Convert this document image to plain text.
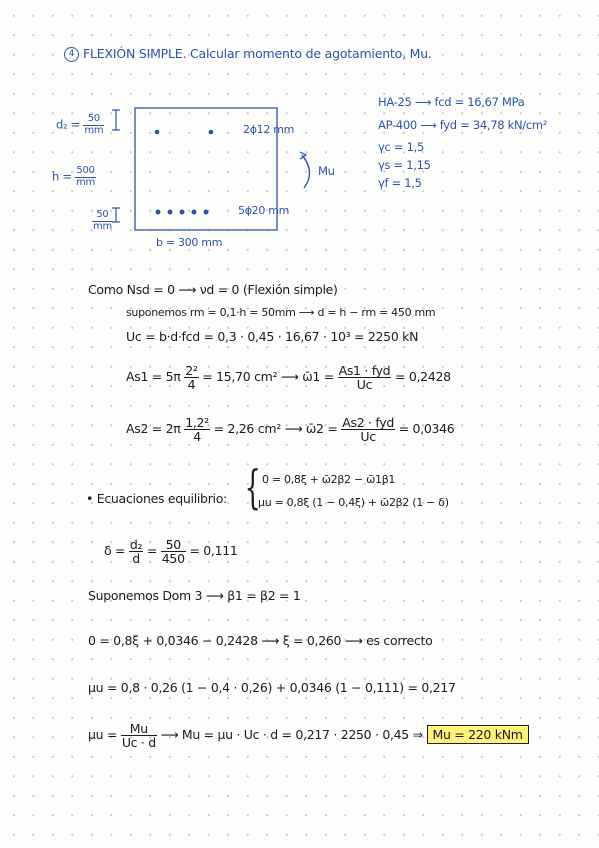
4 FLEXIÓN SIMPLE. Calcular momento de agotamiento, Mu.
$d_2 = \frac{50}{mm}$
$h = \frac{500}{mm}$
$\frac{50}{mm}$
2ϕ12 mm
5ϕ20 mm
b = 300 mm
Mu
HA-25 ⟶ fcd = 16,67 MPa
AP-400 ⟶ fyd = 34,78 kN/cm²
γc = 1,5
γs = 1,15
γf = 1,5
Como Nsd = 0 ⟶ νd = 0 (Flexión simple)
suponemos rm = 0,1·h = 50mm ⟶ d = h − rm = 450 mm
Uc = b·d·fcd = 0,3 · 0,45 · 16,67 · 10³ = 2250 kN
$As1 = 5\pi \frac{\text{2²}}{4} = 15,70$ cm² ⟶ ω̄1 = $\frac{\text{As1 · fyd}}{Uc} = 0,2428$
$As2 = 2\pi \frac{\text{1,2²}}{4} = 2,26$ cm² ⟶ ω̄2 = $\frac{\text{As2 · fyd}}{Uc} = 0,0346$
• Ecuaciones equilibrio: { 0 = 0,8ξ + ω̄2β2 − ω̄1β1
μu = 0,8ξ (1 − 0,4ξ) + ω̄2β2 (1 − δ)
$\delta = \frac{\text{d₂}}{d} = \frac{50}{450} = 0,111$
Suponemos Dom 3 ⟶ β1 = β2 = 1
0 = 0,8ξ + 0,0346 − 0,2428 ⟶ ξ = 0,260 ⟶ es correcto
μu = 0,8 · 0,26 (1 − 0,4 · 0,26) + 0,0346 (1 − 0,111) = 0,217
$\mu u = \frac{Mu}{Uc \cdot d}$ ⟶ Mu = μu · Uc · d = 0,217 · 2250 · 0,45 ⇒ Mu = 220 kNm
